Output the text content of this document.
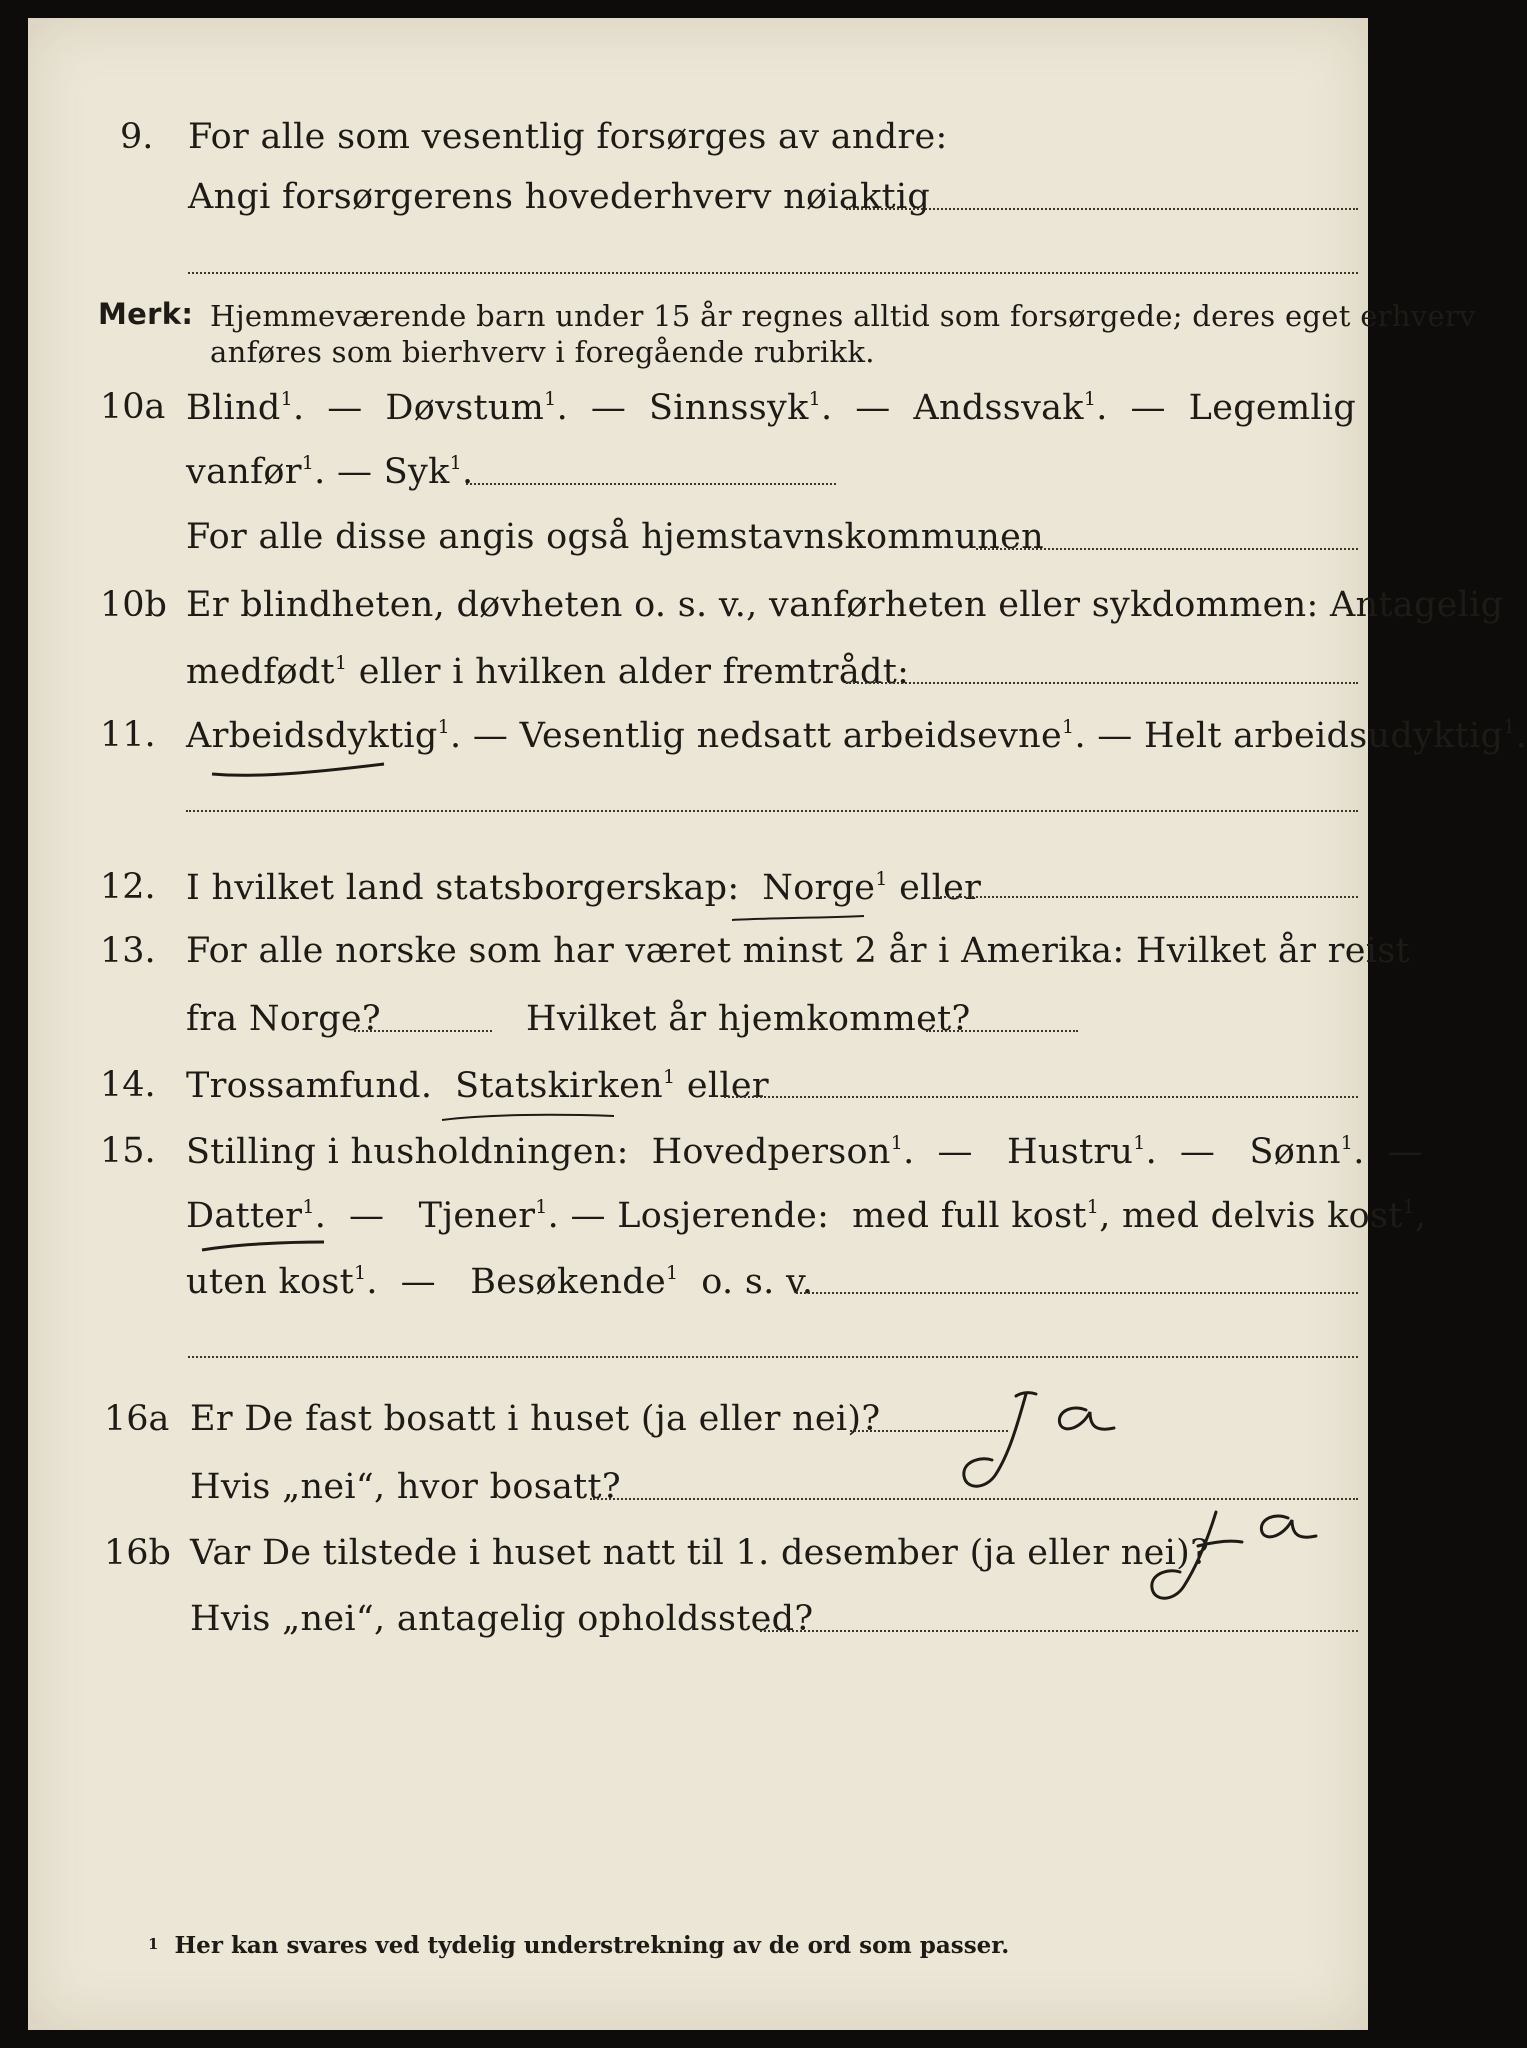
9. For alle som vesentlig forsørges av andre:
Angi forsørgerens hovederhverv nøiaktig
Merk: Hjemmeværende barn under 15 år regnes alltid som forsørgede; deres eget erhverv
anføres som bierhverv i foregående rubrikk.
10a Blind$^1$.  — Døvstum$^1$.  — Sinnssyk$^1$.  — Andssvak$^1$.  — Legemlig
vanfør$^1$. — Syk$^1$.
For alle disse angis også hjemstavnskommunen
10b Er blindheten, døvheten o. s. v., vanførheten eller sykdommen: Antagelig
medfødt$^1$ eller i hvilken alder fremtrådt:
11. Arbeidsdyktig$^1$. — Vesentlig nedsatt arbeidsevne$^1$. — Helt arbeidsudyktig$^1$.
12. I hvilket land statsborgerskap: Norge$^1$ eller
13. For alle norske som har været minst 2 år i Amerika: Hvilket år reist
fra Norge?	Hvilket år hjemkommet?
14. Trossamfund. Statskirken$^1$ eller
15. Stilling i husholdningen: Hovedperson$^1$.  —   Hustru$^1$.  —   Sønn$^1$.  —
Datter$^1$.  —   Tjener$^1$. — Losjerende: med full kost$^1$, med delvis kost$^1$,
uten kost$^1$.  —   Besøkende$^1$ o. s. v.
16a Er De fast bosatt i huset (ja eller nei)?
Ja
Hvis „nei“, hvor bosatt?
16b Var De tilstede i huset natt til 1. desember (ja eller nei)?
Ja
Hvis „nei“, antagelig opholdssted?
$^1$ Her kan svares ved tydelig understrekning av de ord som passer.
